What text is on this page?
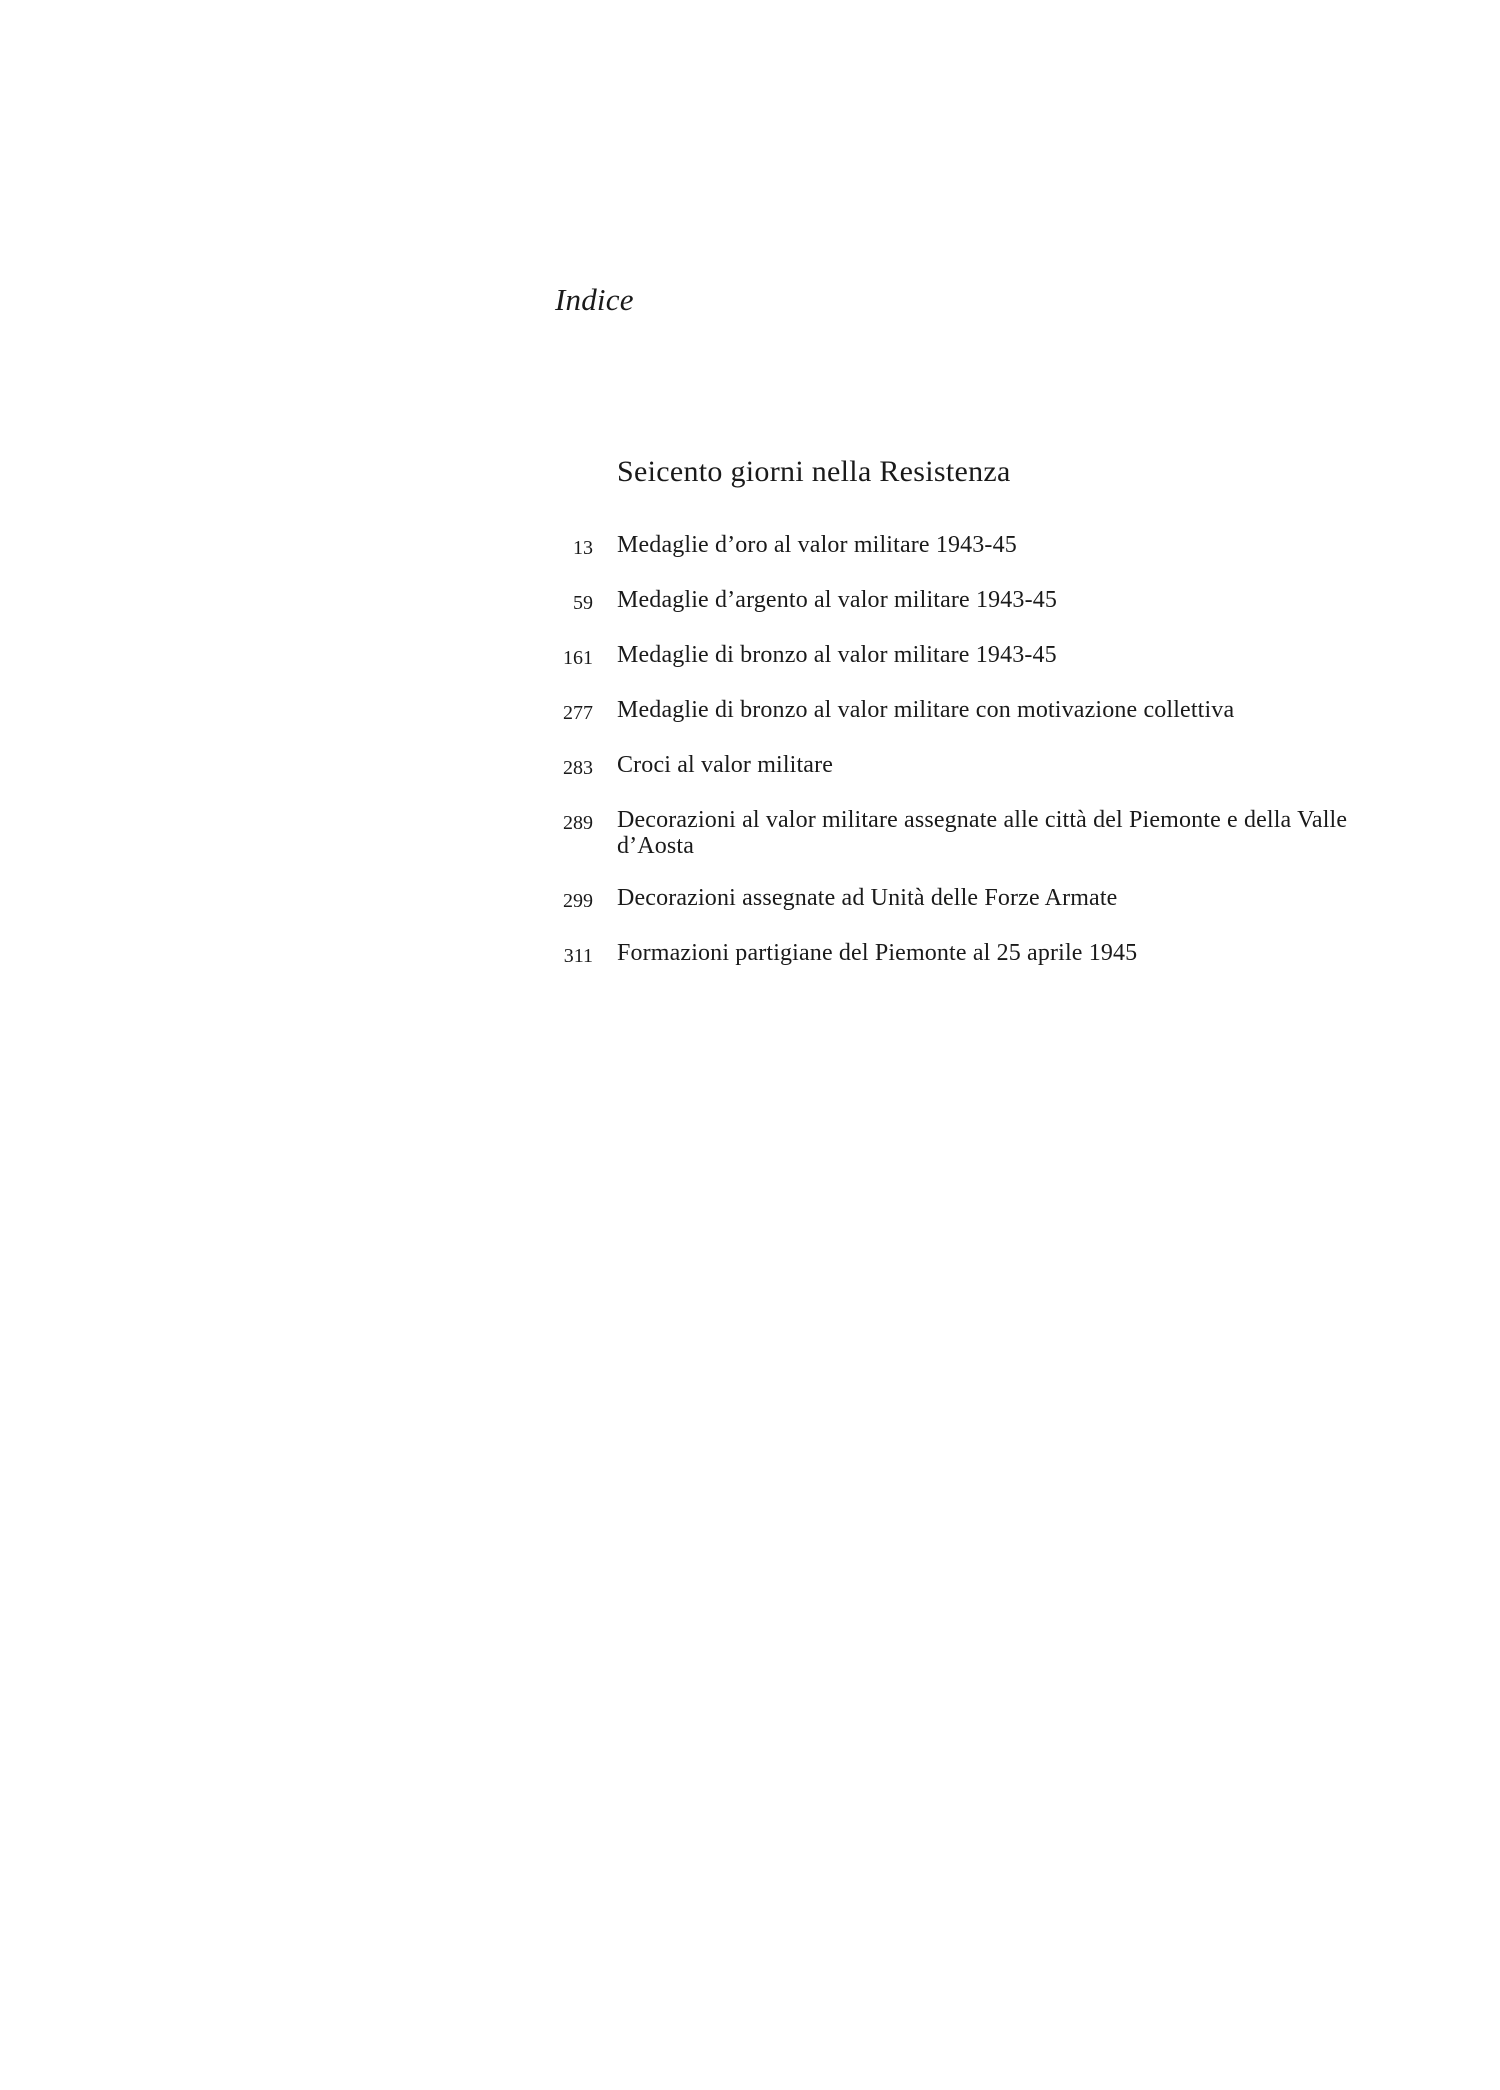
Indice
Seicento giorni nella Resistenza
13 Medaglie d’oro al valor militare 1943-45
59 Medaglie d’argento al valor militare 1943-45
161 Medaglie di bronzo al valor militare 1943-45
277 Medaglie di bronzo al valor militare con motivazione collettiva
283 Croci al valor militare
289 Decorazioni al valor militare assegnate alle città del Piemonte e della Valle d’Aosta
299 Decorazioni assegnate ad Unità delle Forze Armate
311 Formazioni partigiane del Piemonte al 25 aprile 1945
